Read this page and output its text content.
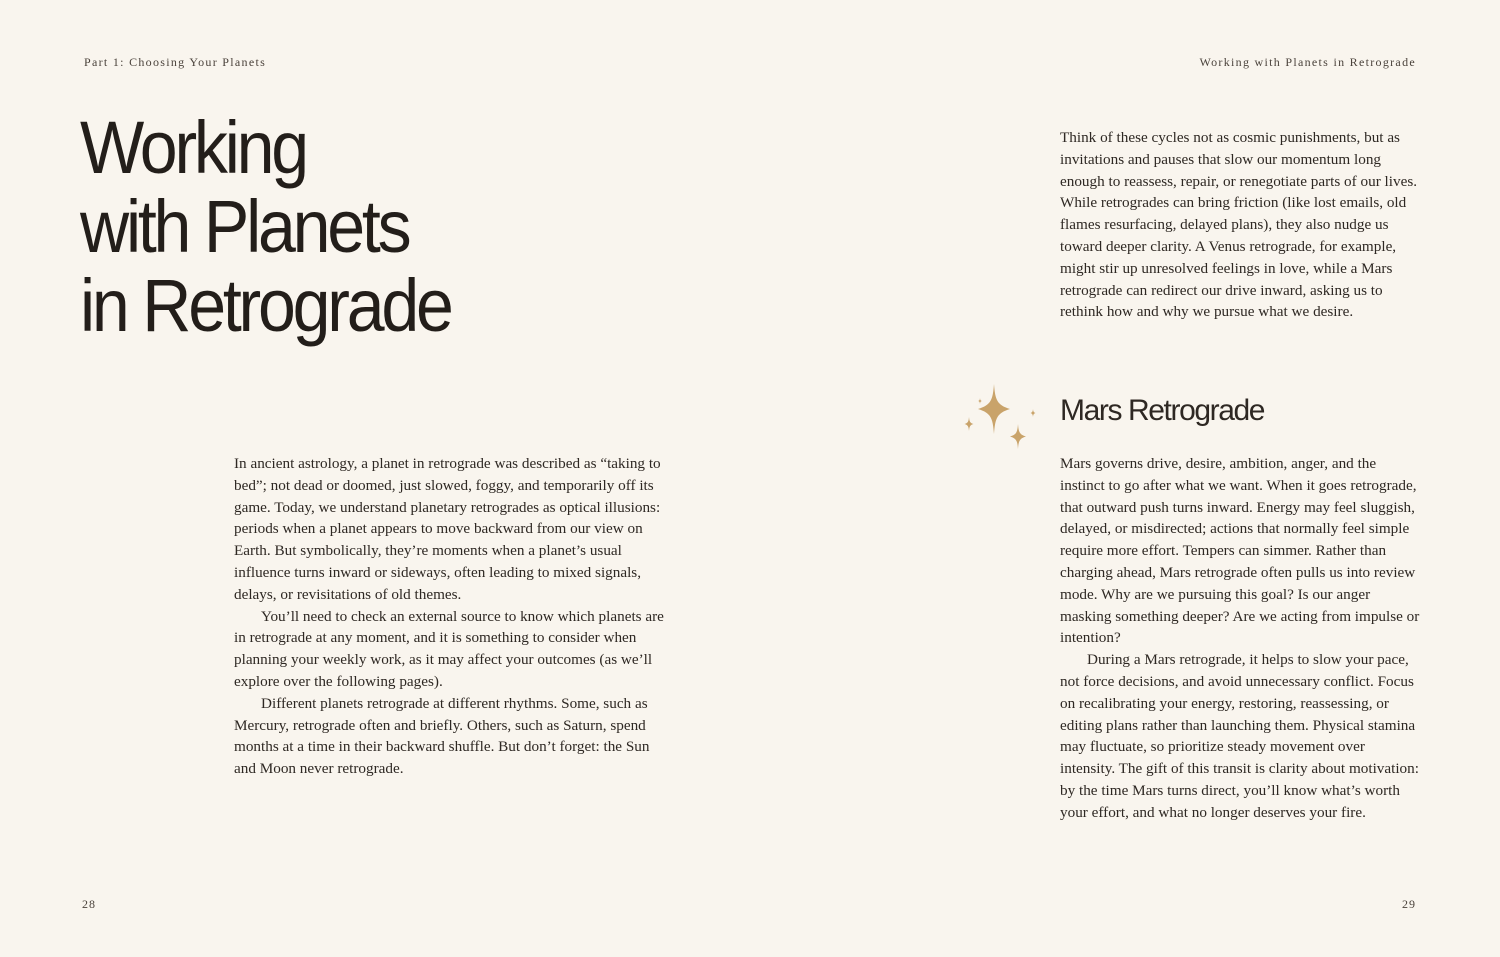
Part 1: Choosing Your Planets	Working with Planets in Retrograde
Working
with Planets
in Retrograde

In ancient astrology, a planet in retrograde was described as “taking to bed”; not dead or doomed, just slowed, foggy, and temporarily off its game. Today, we understand planetary retrogrades as optical illusions: periods when a planet appears to move backward from our view on Earth. But symbolically, they’re moments when a planet’s usual influence turns inward or sideways, often leading to mixed signals, delays, or revisitations of old themes.

You’ll need to check an external source to know which planets are in retrograde at any moment, and it is something to consider when planning your weekly work, as it may affect your outcomes (as we’ll explore over the following pages).

Different planets retrograde at different rhythms. Some, such as Mercury, retrograde often and briefly. Others, such as Saturn, spend months at a time in their backward shuffle. But don’t forget: the Sun and Moon never retrograde.

Think of these cycles not as cosmic punishments, but as invitations and pauses that slow our momentum long enough to reassess, repair, or renegotiate parts of our lives. While retrogrades can bring friction (like lost emails, old flames resurfacing, delayed plans), they also nudge us toward deeper clarity. A Venus retrograde, for example, might stir up unresolved feelings in love, while a Mars retrograde can redirect our drive inward, asking us to rethink how and why we pursue what we desire.

Mars Retrograde

Mars governs drive, desire, ambition, anger, and the instinct to go after what we want. When it goes retrograde, that outward push turns inward. Energy may feel sluggish, delayed, or misdirected; actions that normally feel simple require more effort. Tempers can simmer. Rather than charging ahead, Mars retrograde often pulls us into review mode. Why are we pursuing this goal? Is our anger masking something deeper? Are we acting from impulse or intention?

During a Mars retrograde, it helps to slow your pace, not force decisions, and avoid unnecessary conflict. Focus on recalibrating your energy, restoring, reassessing, or editing plans rather than launching them. Physical stamina may fluctuate, so prioritize steady movement over intensity. The gift of this transit is clarity about motivation: by the time Mars turns direct, you’ll know what’s worth your effort, and what no longer deserves your fire.

28	29
